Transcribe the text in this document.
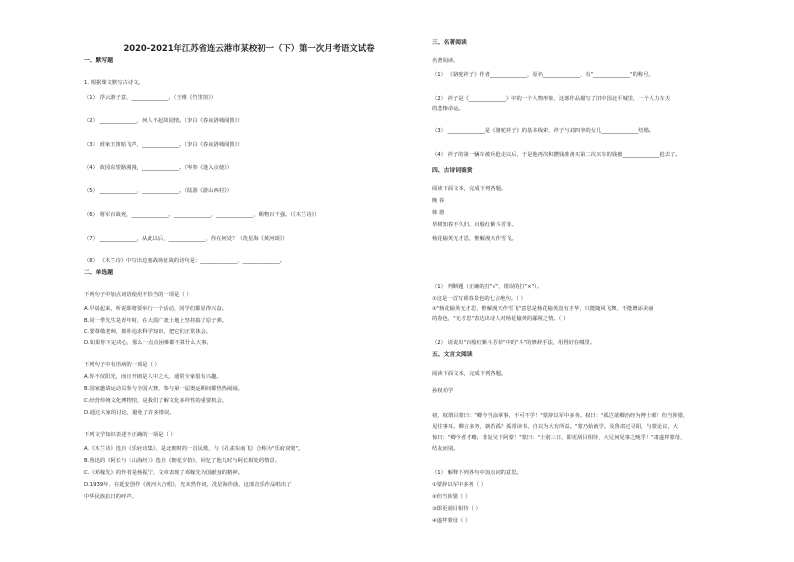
2020-2021年江苏省连云港市某校初一（下）第一次月考语文试卷
一、默写题
1. 根据课文默写古诗文。
（1） 浮云游子意，______________。（王维《竹里馆》）
（2） ______________，何人不起故园情。（李白《春夜洛城闻笛》）
（3） 谁家玉笛暗飞声，______________。（李白《春夜洛城闻笛》）
（4） 故园东望路漫漫，______________。（岑参《逢入京使》）
（5） ______________，______________。（陆游《游山西村》）
（6） 将军百战死，______________。______________，______________，赐物百千强。（《木兰诗》）
（7） ______________，从此以后，______________，你在何处？（冼星海《黄河颂》）
（8） 《木兰诗》中写出边塞战场征战的诗句是：______________，______________。
二、单选题
下列句子中加点词语使用不恰当的一项是（ ）
A.早晨起来，听说即将要举行一个活动，同学们都显得兴奋。
B.同一季先生是青年时，在大漠广袤土地上坚持搞了原子弹。
C.要尊敬老师，拙朴追求科学知识，把它们正常体会。
D.如果你下定决心，那么一点点困难都不算什么大事。
下列句子中有语病的一项是（ ）
A.你不仅阳光，而且开朗是人中之大，通常全家很有兴趣。
B.国家邀请运动员参与全国大赛，参与第一届奥运期间都热热闹闹。
C.经营传统文化博物馆，是我们了解文化多样性的重要机会。
D.通过大家的讨论，避免了许多错误。
下列文学知识表述不正确的一项是（ ）
A.《木兰诗》选自《乐府诗集》，是北朝时的一首民歌，与《孔雀东南飞》合称为"乐府双璧"。
B.鲁迅的《阿长与〈山海经〉》选自《朝花夕拾》，回忆了他儿时与阿长相处的情景。
C.《邓稼先》的作者是杨振宁，文章表现了邓稼先为国献身的精神。
D.1939年，在延安创作《黄河大合唱》，光未然作词，冼星海作曲，这部音乐作品唱出了
中华民族抗日的呼声。
三、名著阅读
名著阅读。
（1） 《骆驼祥子》作者______________，原名______________，有"______________"的称号。
（2） 祥子是《______________》中的一个人物形象，这部作品描写了旧中国北平城里，一个人力车夫
的悲惨命运。
（3） ______________是《骆驼祥子》的基本线索，祥子与刘四爷的女儿______________结婚。
（4） 祥子的第一辆车被兵抢走以后，于是他再次积攒钱准备买第二次买车的钱被______________抢去了。
四、古诗词鉴赏
阅读下面文本，完成下列各题。
晚 春
韩 愈
草树知春不久归，百般红紫斗芳菲。
杨花榆荚无才思，惟解漫天作雪飞。
（1） 判断题（正确的打"√"，错误的打"×"）。
①这是一首写暮春景色的七言绝句。（ ）
②"杨花榆荚无才思，惟解漫天作雪飞"意思是杨花榆荚没有才华，只能随风飞舞，不能增添美丽
的春色，"无才思"表达出诗人对杨花榆荚的鄙视之情。（ ）
（2） 请说出"百般红紫斗芳菲"中的"斗"的修辞手法，用得好在哪里。
五、文言文阅读
阅读下面文本，完成下列各题。
孙权劝学
初，权谓吕蒙曰："卿今当涂掌事，不可不学！"蒙辞以军中多务。权曰："孤岂欲卿治经为博士邪！但当涉猎，
见往事耳。卿言多务，孰若孤？孤常读书，自以为大有所益。"蒙乃始就学。及鲁肃过寻阳，与蒙论议，大
惊曰："卿今者才略，非复吴下阿蒙！"蒙曰："士别三日，即更刮目相待，大兄何见事之晚乎！"肃遂拜蒙母，
结友而别。
（1） 解释下列各句中加点词的意思。
①蒙辞以军中多务（ ）
②但当涉猎（ ）
③即更刮目相待（ ）
④遂拜蒙母（ ）
